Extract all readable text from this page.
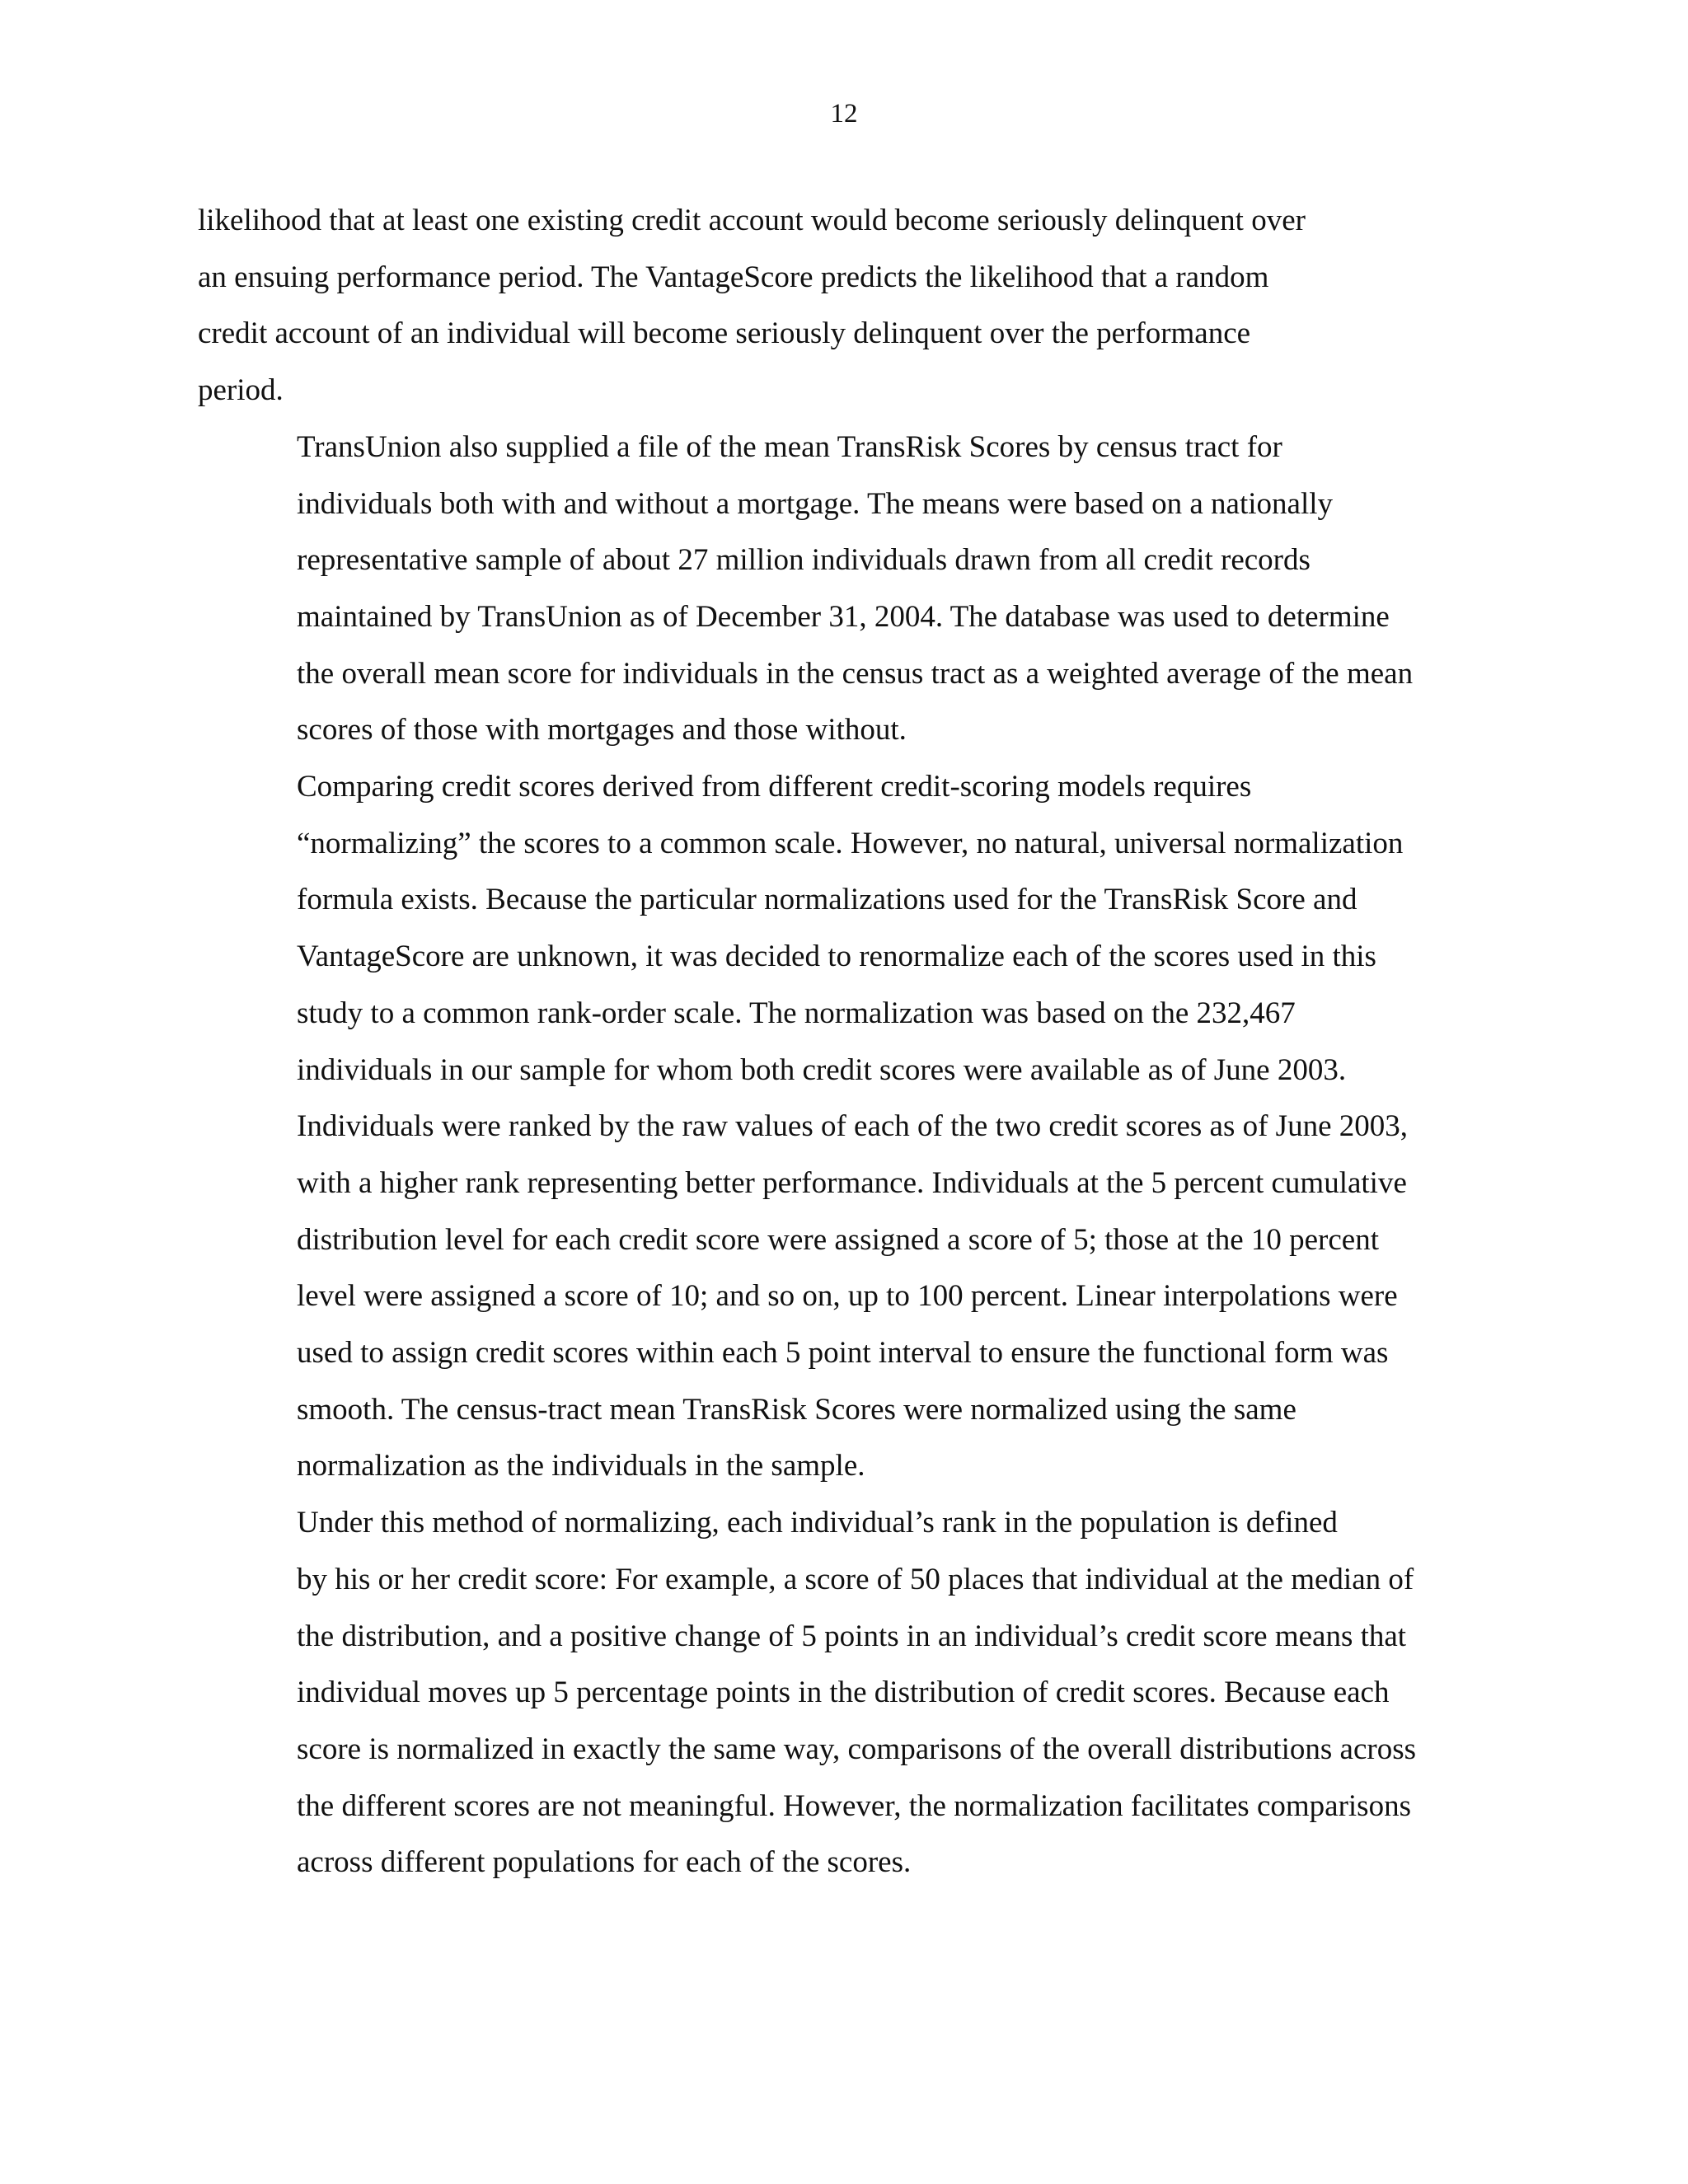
12

likelihood that at least one existing credit account would become seriously delinquent over
an ensuing performance period. The VantageScore predicts the likelihood that a random
credit account of an individual will become seriously delinquent over the performance
period.

TransUnion also supplied a file of the mean TransRisk Scores by census tract for
individuals both with and without a mortgage. The means were based on a nationally
representative sample of about 27 million individuals drawn from all credit records
maintained by TransUnion as of December 31, 2004. The database was used to determine
the overall mean score for individuals in the census tract as a weighted average of the mean
scores of those with mortgages and those without.

Comparing credit scores derived from different credit-scoring models requires
“normalizing” the scores to a common scale. However, no natural, universal normalization
formula exists. Because the particular normalizations used for the TransRisk Score and
VantageScore are unknown, it was decided to renormalize each of the scores used in this
study to a common rank-order scale. The normalization was based on the 232,467
individuals in our sample for whom both credit scores were available as of June 2003.
Individuals were ranked by the raw values of each of the two credit scores as of June 2003,
with a higher rank representing better performance. Individuals at the 5 percent cumulative
distribution level for each credit score were assigned a score of 5; those at the 10 percent
level were assigned a score of 10; and so on, up to 100 percent. Linear interpolations were
used to assign credit scores within each 5 point interval to ensure the functional form was
smooth. The census-tract mean TransRisk Scores were normalized using the same
normalization as the individuals in the sample.

Under this method of normalizing, each individual’s rank in the population is defined
by his or her credit score: For example, a score of 50 places that individual at the median of
the distribution, and a positive change of 5 points in an individual’s credit score means that
individual moves up 5 percentage points in the distribution of credit scores. Because each
score is normalized in exactly the same way, comparisons of the overall distributions across
the different scores are not meaningful. However, the normalization facilitates comparisons
across different populations for each of the scores.
